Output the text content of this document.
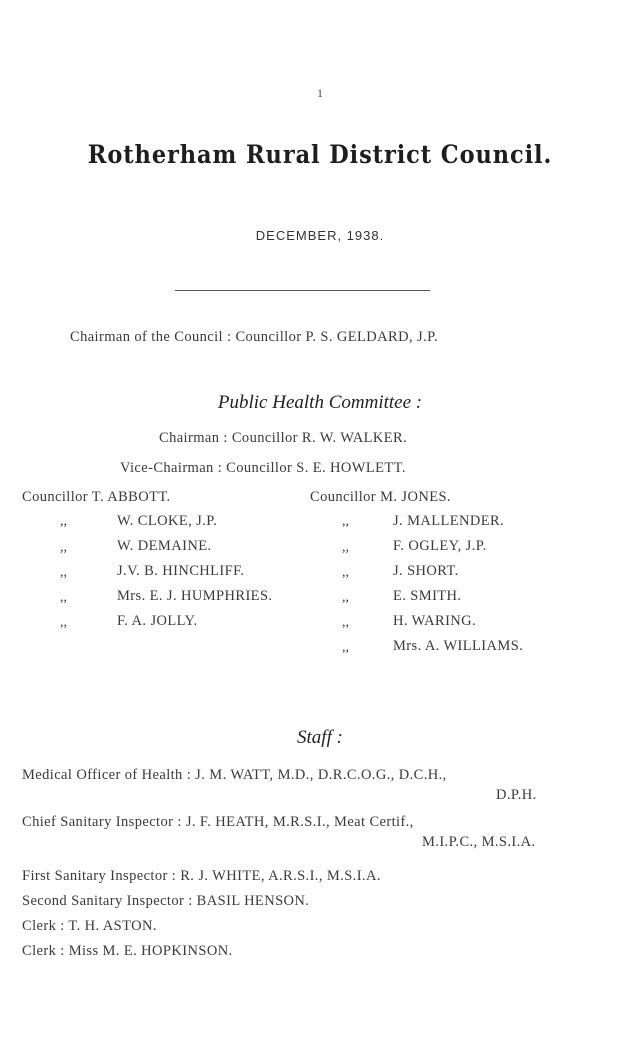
1
Rotherham Rural District Council.
DECEMBER, 1938.
Chairman of the Council : Councillor P. S. GELDARD, J.P.
Public Health Committee :
Chairman : Councillor R. W. WALKER.
Vice-Chairman : Councillor S. E. HOWLETT.
Councillor T. ABBOTT.
,,	W. CLOKE, J.P.
,,	W. DEMAINE.
,,	J.V. B. HINCHLIFF.
,,	Mrs. E. J. HUMPHRIES.
,,	F. A. JOLLY.
Councillor M. JONES.
,,	J. MALLENDER.
,,	F. OGLEY, J.P.
,,	J. SHORT.
,,	E. SMITH.
,,	H. WARING.
,,	Mrs. A. WILLIAMS.
Staff :
Medical Officer of Health : J. M. WATT, M.D., D.R.C.O.G., D.C.H.,
D.P.H.
Chief Sanitary Inspector : J. F. HEATH, M.R.S.I., Meat Certif.,
M.I.P.C., M.S.I.A.
First Sanitary Inspector : R. J. WHITE, A.R.S.I., M.S.I.A.
Second Sanitary Inspector : BASIL HENSON.
Clerk : T. H. ASTON.
Clerk : Miss M. E. HOPKINSON.
